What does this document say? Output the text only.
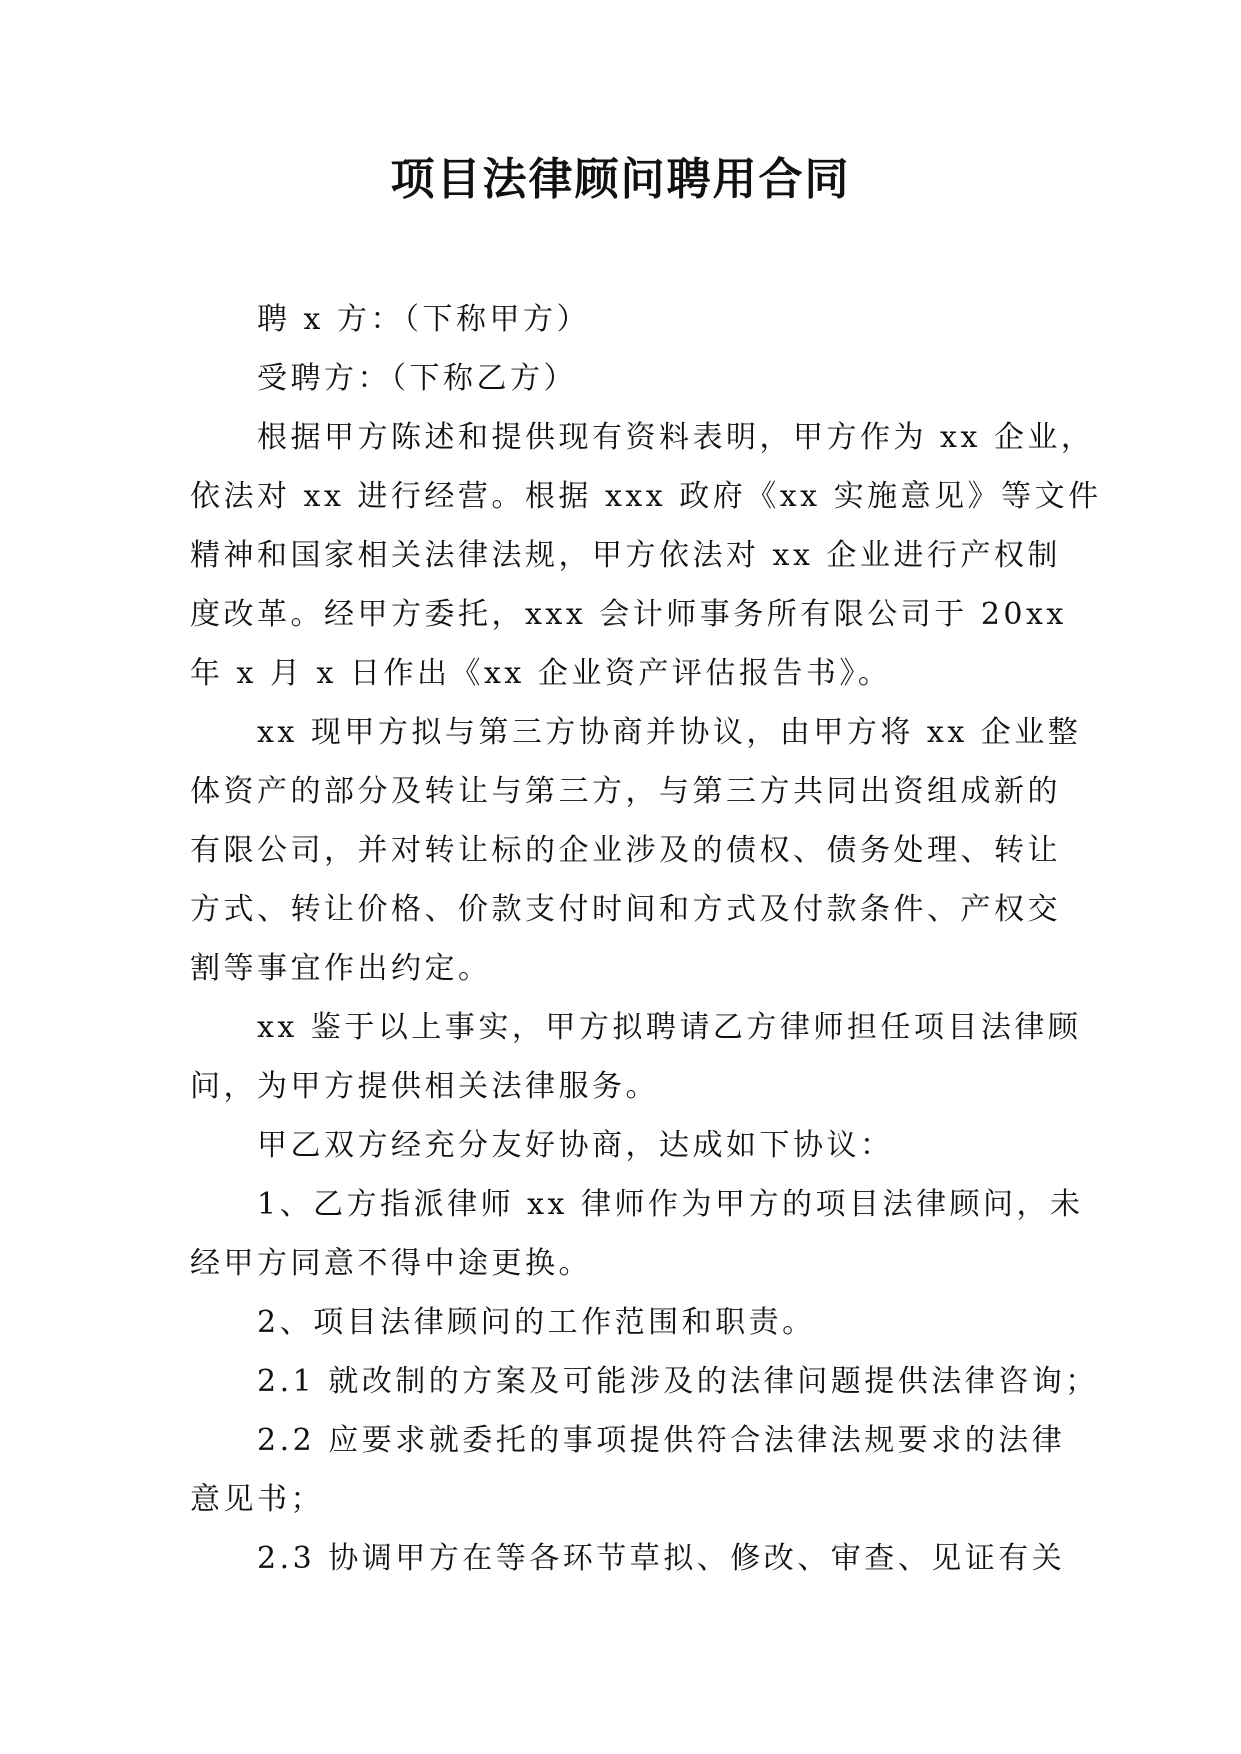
项目法律顾问聘用合同

聘 x 方：（下称甲方）

受聘方：（下称乙方）

根据甲方陈述和提供现有资料表明，甲方作为 xx 企业，

依法对 xx 进行经营。根据 xxx 政府《xx 实施意见》等文件

精神和国家相关法律法规，甲方依法对 xx 企业进行产权制

度改革。经甲方委托，xxx 会计师事务所有限公司于 20xx

年 x 月 x 日作出《xx 企业资产评估报告书》。

xx 现甲方拟与第三方协商并协议，由甲方将 xx 企业整

体资产的部分及转让与第三方，与第三方共同出资组成新的

有限公司，并对转让标的企业涉及的债权、债务处理、转让

方式、转让价格、价款支付时间和方式及付款条件、产权交

割等事宜作出约定。

xx 鉴于以上事实，甲方拟聘请乙方律师担任项目法律顾

问，为甲方提供相关法律服务。

甲乙双方经充分友好协商，达成如下协议：

1、乙方指派律师 xx 律师作为甲方的项目法律顾问，未

经甲方同意不得中途更换。

2、项目法律顾问的工作范围和职责。

2.1 就改制的方案及可能涉及的法律问题提供法律咨询；

2.2 应要求就委托的事项提供符合法律法规要求的法律

意见书；

2.3 协调甲方在等各环节草拟、修改、审查、见证有关
